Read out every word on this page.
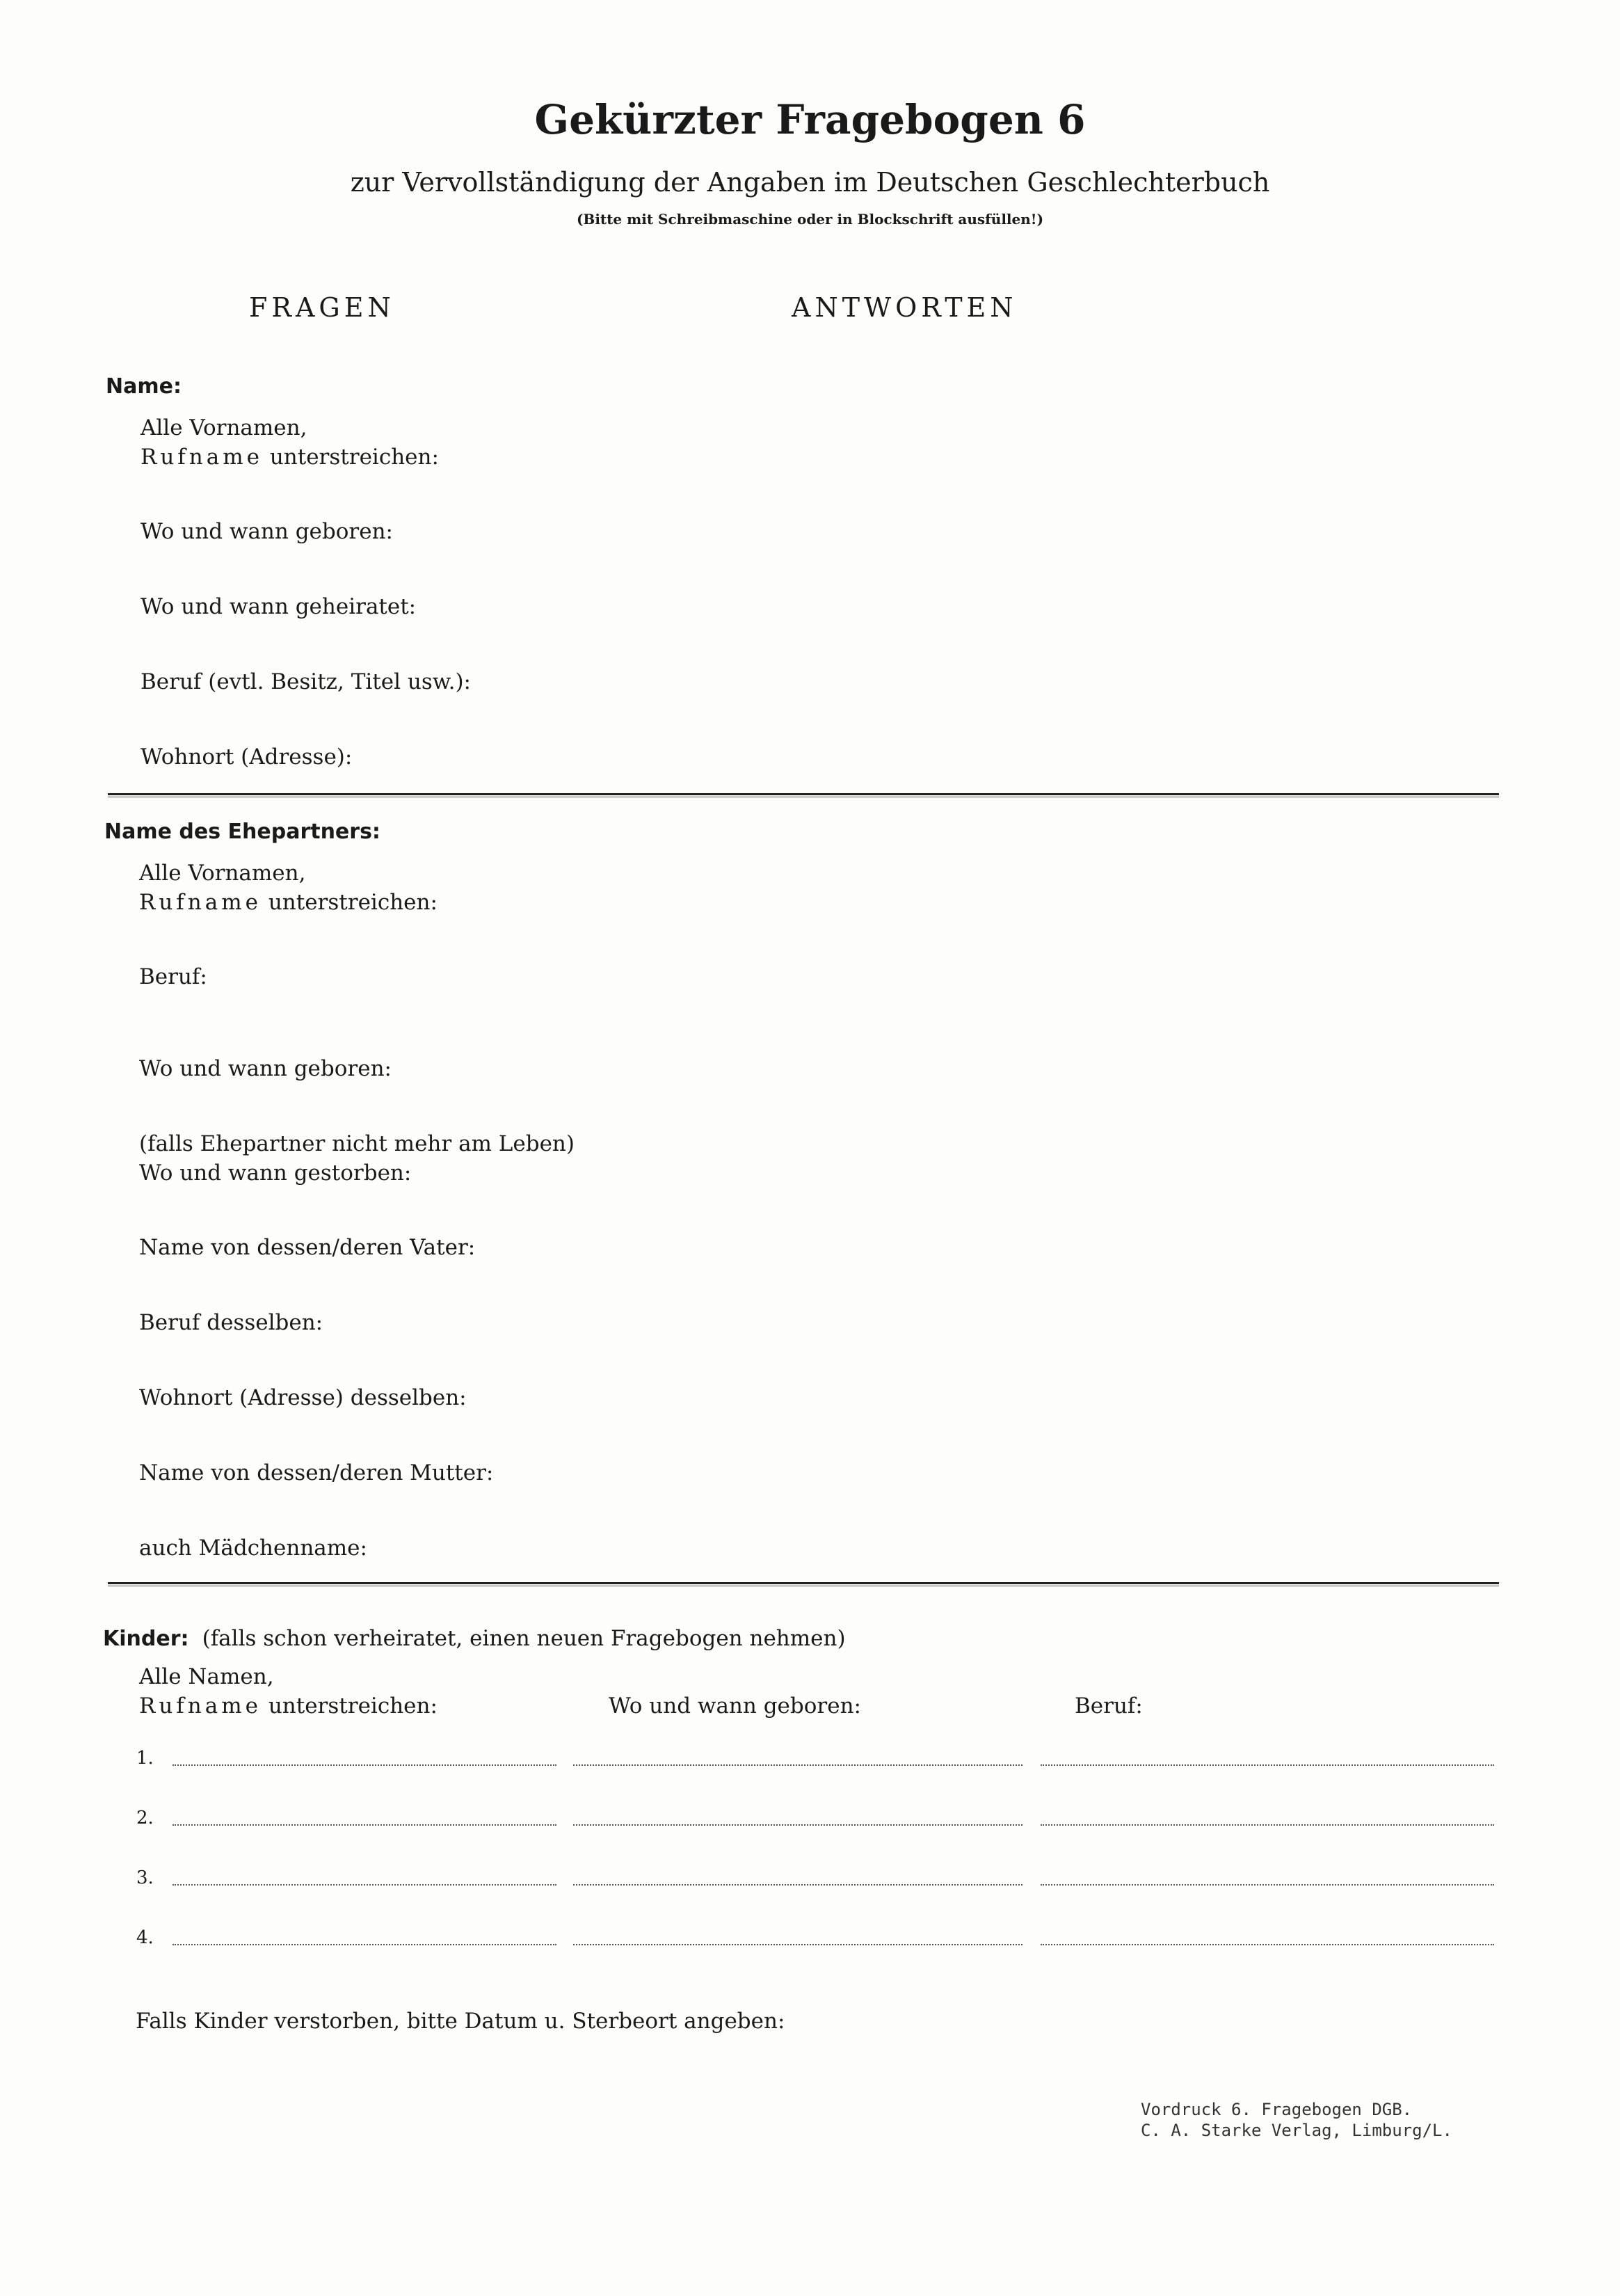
Gekürzter Fragebogen 6
zur Vervollständigung der Angaben im Deutschen Geschlechterbuch
(Bitte mit Schreibmaschine oder in Blockschrift ausfüllen!)
FRAGEN	ANTWORTEN
Name:
Alle Vornamen,
Rufname unterstreichen:
Wo und wann geboren:
Wo und wann geheiratet:
Beruf (evtl. Besitz, Titel usw.):
Wohnort (Adresse):
Name des Ehepartners:
Alle Vornamen,
Rufname unterstreichen:
Beruf:
Wo und wann geboren:
(falls Ehepartner nicht mehr am Leben)
Wo und wann gestorben:
Name von dessen/deren Vater:
Beruf desselben:
Wohnort (Adresse) desselben:
Name von dessen/deren Mutter:
auch Mädchenname:
Kinder: (falls schon verheiratet, einen neuen Fragebogen nehmen)
Alle Namen,
Rufname unterstreichen:	Wo und wann geboren:	Beruf:
1.
2.
3.
4.
Falls Kinder verstorben, bitte Datum u. Sterbeort angeben:
Vordruck 6. Fragebogen DGB.
C. A. Starke Verlag, Limburg/L.
